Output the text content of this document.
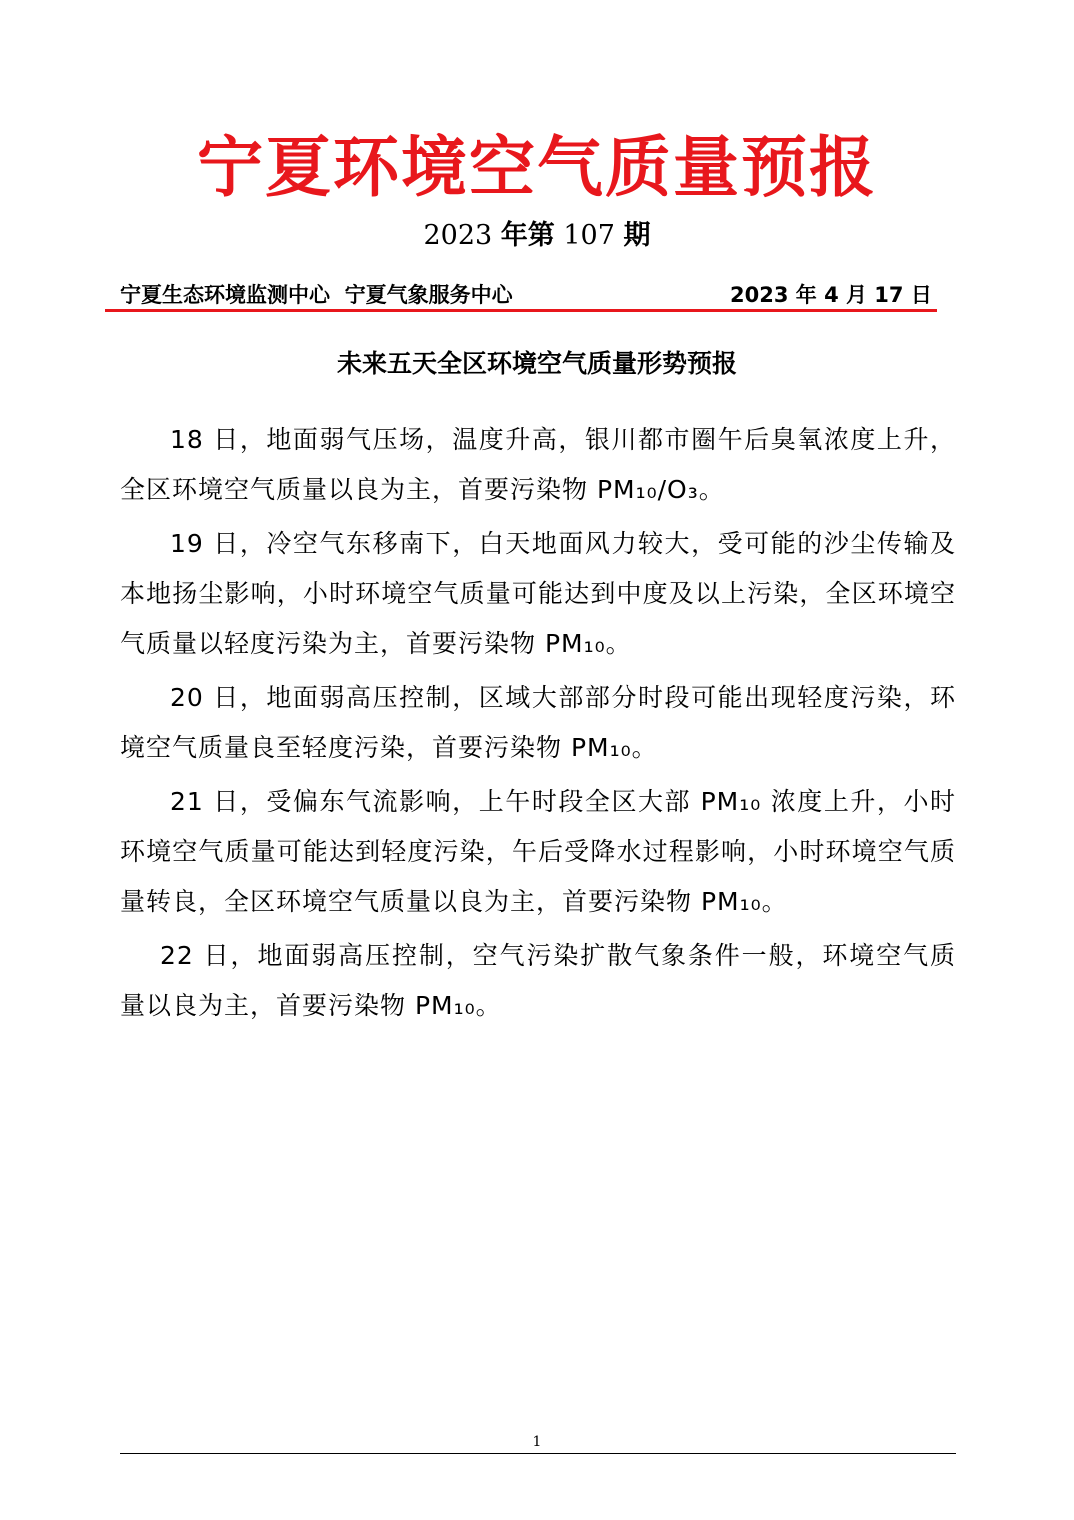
宁夏环境空气质量预报
2023 年第 107 期
宁夏生态环境监测中心  宁夏气象服务中心	2023 年 4 月 17 日
未来五天全区环境空气质量形势预报

18 日，地面弱气压场，温度升高，银川都市圈午后臭氧浓度上升，全区环境空气质量以良为主，首要污染物 PM₁₀/O₃。

19 日，冷空气东移南下，白天地面风力较大，受可能的沙尘传输及本地扬尘影响，小时环境空气质量可能达到中度及以上污染，全区环境空气质量以轻度污染为主，首要污染物 PM₁₀。

20 日，地面弱高压控制，区域大部部分时段可能出现轻度污染，环境空气质量良至轻度污染，首要污染物 PM₁₀。

21 日，受偏东气流影响，上午时段全区大部 PM₁₀ 浓度上升，小时环境空气质量可能达到轻度污染，午后受降水过程影响，小时环境空气质量转良，全区环境空气质量以良为主，首要污染物 PM₁₀。

22 日，地面弱高压控制，空气污染扩散气象条件一般，环境空气质量以良为主，首要污染物 PM₁₀。

1
